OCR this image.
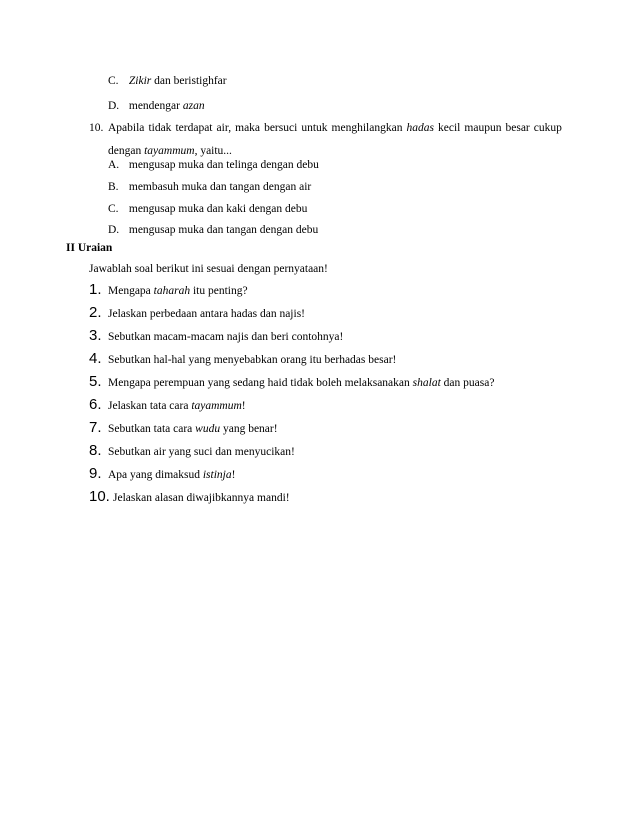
C. Zikir dan beristighfar
D. mendengar azan
10. Apabila tidak terdapat air, maka bersuci untuk menghilangkan hadas kecil maupun besar cukup
dengan tayammum, yaitu...
A. mengusap muka dan telinga dengan debu
B. membasuh muka dan tangan dengan air
C. mengusap muka dan kaki dengan debu
D. mengusap muka dan tangan dengan debu
II Uraian
Jawablah soal berikut ini sesuai dengan pernyataan!
1. Mengapa taharah itu penting?
2. Jelaskan perbedaan antara hadas dan najis!
3. Sebutkan macam-macam najis dan beri contohnya!
4. Sebutkan hal-hal yang menyebabkan orang itu berhadas besar!
5. Mengapa perempuan yang sedang haid tidak boleh melaksanakan shalat dan puasa?
6. Jelaskan tata cara tayammum!
7. Sebutkan tata cara wudu yang benar!
8. Sebutkan air yang suci dan menyucikan!
9. Apa yang dimaksud istinja!
10. Jelaskan alasan diwajibkannya mandi!
